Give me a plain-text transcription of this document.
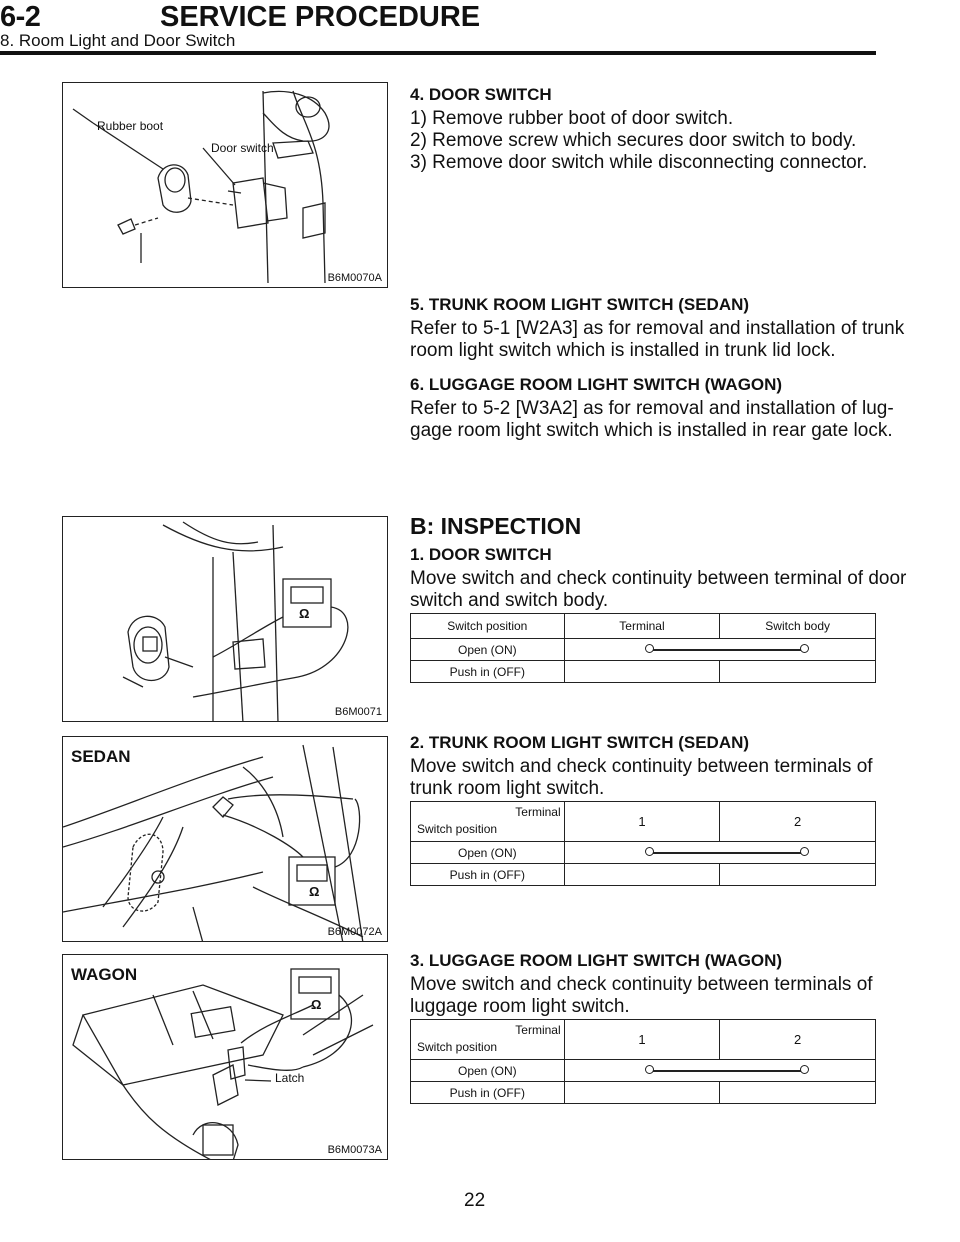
6-2	SERVICE PROCEDURE
8. Room Light and Door Switch
Rubber boot
Door switch
B6M0070A
4. DOOR SWITCH
1) Remove rubber boot of door switch.
2) Remove screw which secures door switch to body.
3) Remove door switch while disconnecting connector.
5. TRUNK ROOM LIGHT SWITCH (SEDAN)
Refer to 5-1 [W2A3] as for removal and installation of trunk
room light switch which is installed in trunk lid lock.
6. LUGGAGE ROOM LIGHT SWITCH (WAGON)
Refer to 5-2 [W3A2] as for removal and installation of lug-
gage room light switch which is installed in rear gate lock.
Ω
B6M0071
B: INSPECTION
1. DOOR SWITCH
Move switch and check continuity between terminal of door
switch and switch body.
Switch position	Terminal	Switch body
Open (ON)		

Push in (OFF)		
SEDAN
Ω
B6M0072A
2. TRUNK ROOM LIGHT SWITCH (SEDAN)
Move switch and check continuity between terminals of
trunk room light switch.
Terminal
Switch position	1	2
Open (ON)		

Push in (OFF)		
WAGON
Ω
Latch
B6M0073A
3. LUGGAGE ROOM LIGHT SWITCH (WAGON)
Move switch and check continuity between terminals of
luggage room light switch.
Terminal
Switch position	1	2
Open (ON)		

Push in (OFF)		
22
